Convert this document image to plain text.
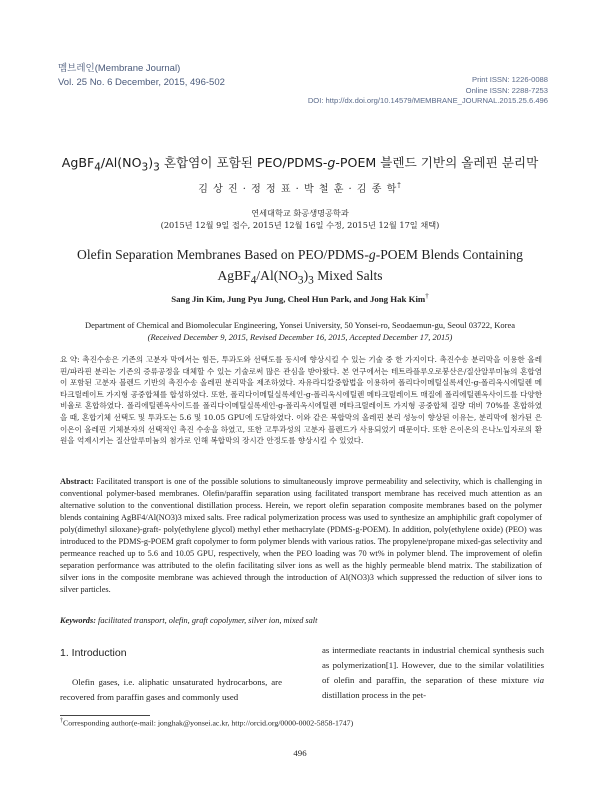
멤브레인(Membrane Journal)
Vol. 25 No. 6 December, 2015, 496-502	Print ISSN: 1226-0088
Online ISSN: 2288-7253
DOI: http://dx.doi.org/10.14579/MEMBRANE_JOURNAL.2015.25.6.496
$AgBF_4/Al(NO_3)_3$ 혼합염이 포함된 PEO/PDMS-g-POEM 블렌드 기반의 올레핀 분리막
김 상 진 · 정 정 표 · 박 철 훈 · 김 종 학†
연세대학교 화공생명공학과
(2015년 12월 9일 접수, 2015년 12월 16일 수정, 2015년 12월 17일 채택)
Olefin Separation Membranes Based on PEO/PDMS-g-POEM Blends Containing
$AgBF_4/Al(NO_3)_3$ Mixed Salts
Sang Jin Kim, Jung Pyu Jung, Cheol Hun Park, and Jong Hak Kim†
Department of Chemical and Biomolecular Engineering, Yonsei University, 50 Yonsei-ro, Seodaemun-gu, Seoul 03722, Korea
(Received December 9, 2015, Revised December 16, 2015, Accepted December 17, 2015)
요 약: 촉진수송은 기존의 고분자 막에서는 힘든, 투과도와 선택도를 동시에 향상시킬 수 있는 기술 중 한 가지이다. 촉진수송 분리막을 이용한 올레핀/파라핀 분리는 기존의 증류공정을 대체할 수 있는 기술로써 많은 관심을 받아왔다. 본 연구에서는 테트라플루오로붕산은/질산알루미늄의 혼합염이 포함된 고분자 블렌드 기반의 촉진수송 올레핀 분리막을 제조하였다. 자유라디칼중합법을 이용하여 폴리다이메틸실록세인-g-폴리옥시에틸렌 메타크릴레이트 가지형 공중합체를 합성하였다. 또한, 폴리다이메틸실록세인-g-폴리옥시에틸렌 메타크릴레이트 매질에 폴리에틸렌옥사이드를 다양한 비율로 혼합하였다. 폴리에틸렌옥사이드를 폴리다이메틸실록세인-g-폴리옥시에틸렌 메타크릴레이트 가지형 공중합체 질량 대비 70%를 혼합하였을 때, 혼합기체 선택도 및 투과도는 5.6 및 10.05 GPU에 도달하였다. 이와 같은 복합막의 올레핀 분리 성능이 향상된 이유는, 분리막에 첨가된 은이온이 올레핀 기체분자의 선택적인 촉진 수송을 하였고, 또한 고투과성의 고분자 블렌드가 사용되었기 때문이다. 또한 은이온의 은나노입자로의 환원을 억제시키는 질산알루미늄의 첨가로 인해 복합막의 장시간 안정도를 향상시킬 수 있었다.
Abstract: Facilitated transport is one of the possible solutions to simultaneously improve permeability and selectivity, which is challenging in conventional polymer-based membranes. Olefin/paraffin separation using facilitated transport membrane has received much attention as an alternative solution to the conventional distillation process. Herein, we report olefin separation composite membranes based on the polymer blends containing AgBF4/Al(NO3)3 mixed salts. Free radical polymerization process was used to synthesize an amphiphilic graft copolymer of poly(dimethyl siloxane)-graft- poly(ethylene glycol) methyl ether methacrylate (PDMS-g-POEM). In addition, poly(ethylene oxide) (PEO) was introduced to the PDMS-g-POEM graft copolymer to form polymer blends with various ratios. The propylene/propane mixed-gas selectivity and permeance reached up to 5.6 and 10.05 GPU, respectively, when the PEO loading was 70 wt% in polymer blend. The improvement of olefin separation performance was attributed to the olefin facilitating silver ions as well as the highly permeable blend matrix. The stabilization of silver ions in the composite membrane was achieved through the introduction of Al(NO3)3 which suppressed the reduction of silver ions to silver particles.
Keywords: facilitated transport, olefin, graft copolymer, silver ion, mixed salt
1. Introduction
Olefin gases, i.e. aliphatic unsaturated hydrocarbons, are recovered from paraffin gases and commonly used
as intermediate reactants in industrial chemical synthesis such as polymerization[1]. However, due to the similar volatilities of olefin and paraffin, the separation of these mixture via distillation process in the pet-
†Corresponding author(e-mail: jonghak@yonsei.ac.kr, http://orcid.org/0000-0002-5858-1747)
496
